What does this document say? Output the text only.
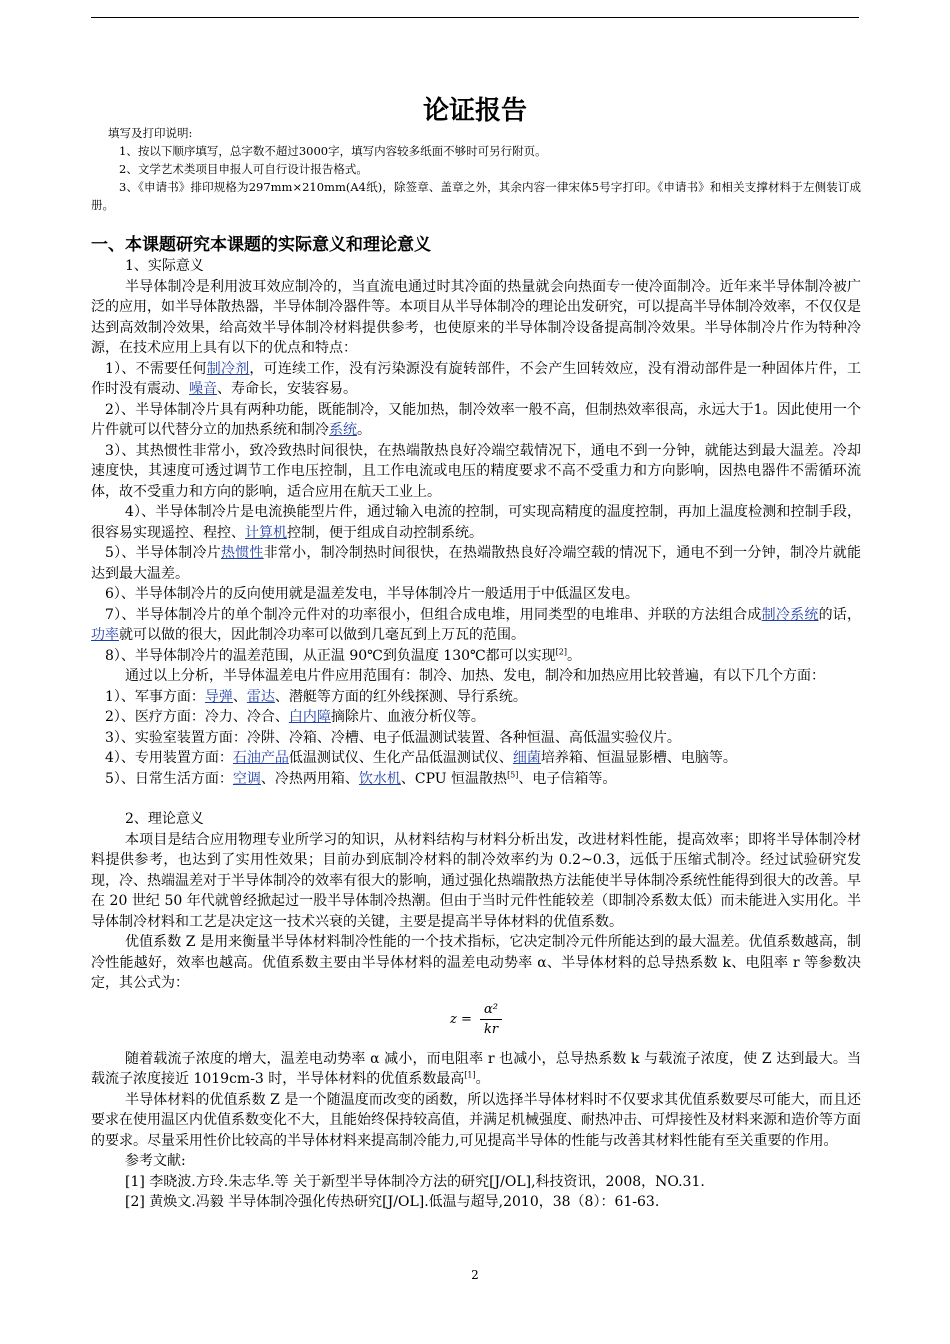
论证报告

填写及打印说明:

1、按以下顺序填写，总字数不超过3000字，填写内容较多纸面不够时可另行附页。

2、文学艺术类项目申报人可自行设计报告格式。

3、《申请书》排印规格为297mm×210mm(A4纸)，除签章、盖章之外，其余内容一律宋体5号字打印。《申请书》和相关支撑材料于左侧装订成册。

一、本课题研究本课题的实际意义和理论意义

1、实际意义

半导体制冷是利用波耳效应制冷的，当直流电通过时其冷面的热量就会向热面专一使冷面制冷。近年来半导体制冷被广泛的应用，如半导体散热器，半导体制冷器件等。本项目从半导体制冷的理论出发研究，可以提高半导体制冷效率，不仅仅是达到高效制冷效果，给高效半导体制冷材料提供参考，也使原来的半导体制冷设备提高制冷效果。半导体制冷片作为特种冷源，在技术应用上具有以下的优点和特点：

1）、不需要任何制冷剂，可连续工作，没有污染源没有旋转部件，不会产生回转效应，没有滑动部件是一种固体片件，工作时没有震动、噪音、寿命长，安装容易。

2）、半导体制冷片具有两种功能，既能制冷，又能加热，制冷效率一般不高，但制热效率很高，永远大于1。因此使用一个片件就可以代替分立的加热系统和制冷系统。

3）、其热惯性非常小，致冷致热时间很快，在热端散热良好冷端空载情况下，通电不到一分钟，就能达到最大温差。冷却速度快，其速度可透过调节工作电压控制，且工作电流或电压的精度要求不高不受重力和方向影响，因热电器件不需循环流体，故不受重力和方向的影响，适合应用在航天工业上。

4）、半导体制冷片是电流换能型片件，通过输入电流的控制，可实现高精度的温度控制，再加上温度检测和控制手段，很容易实现遥控、程控、计算机控制，便于组成自动控制系统。

5）、半导体制冷片热惯性非常小，制冷制热时间很快，在热端散热良好冷端空载的情况下，通电不到一分钟，制冷片就能达到最大温差。

6）、半导体制冷片的反向使用就是温差发电，半导体制冷片一般适用于中低温区发电。

7）、半导体制冷片的单个制冷元件对的功率很小，但组合成电堆，用同类型的电堆串、并联的方法组合成制冷系统的话，功率就可以做的很大，因此制冷功率可以做到几毫瓦到上万瓦的范围。

8）、半导体制冷片的温差范围，从正温 90℃到负温度 130℃都可以实现[2]。

通过以上分析，半导体温差电片件应用范围有：制冷、加热、发电，制冷和加热应用比较普遍，有以下几个方面：

1）、军事方面：导弹、雷达、潜艇等方面的红外线探测、导行系统。

2）、医疗方面：冷力、冷合、白内障摘除片、血液分析仪等。

3）、实验室装置方面：冷阱、冷箱、冷槽、电子低温测试装置、各种恒温、高低温实验仪片。

4）、专用装置方面：石油产品低温测试仪、生化产品低温测试仪、细菌培养箱、恒温显影槽、电脑等。

5）、日常生活方面：空调、冷热两用箱、饮水机、CPU 恒温散热[5]、电子信箱等。

2、理论意义

本项目是结合应用物理专业所学习的知识，从材料结构与材料分析出发，改进材料性能，提高效率；即将半导体制冷材料提供参考，也达到了实用性效果；目前办到底制冷材料的制冷效率约为 0.2~0.3，远低于压缩式制冷。经过试验研究发现，冷、热端温差对于半导体制冷的效率有很大的影响，通过强化热端散热方法能使半导体制冷系统性能得到很大的改善。早在 20 世纪 50 年代就曾经掀起过一股半导体制冷热潮。但由于当时元件性能较差（即制冷系数太低）而未能进入实用化。半导体制冷材料和工艺是决定这一技术兴衰的关键，主要是提高半导体材料的优值系数。

优值系数 Z 是用来衡量半导体材料制冷性能的一个技术指标，它决定制冷元件所能达到的最大温差。优值系数越高，制冷性能越好，效率也越高。优值系数主要由半导体材料的温差电动势率 α、半导体材料的总导热系数 k、电阻率 r 等参数决定，其公式为：

$z = \frac{\text{α²}}{kr}$

随着载流子浓度的增大，温差电动势率 α 减小，而电阻率 r 也减小，总导热系数 k 与载流子浓度，使 Z 达到最大。当载流子浓度接近 1019cm-3 时，半导体材料的优值系数最高[1]。

半导体材料的优值系数 Z 是一个随温度而改变的函数，所以选择半导体材料时不仅要求其优值系数要尽可能大，而且还要求在使用温区内优值系数变化不大，且能始终保持较高值，并满足机械强度、耐热冲击、可焊接性及材料来源和造价等方面的要求。尽量采用性价比较高的半导体材料来提高制冷能力,可见提高半导体的性能与改善其材料性能有至关重要的作用。

参考文献:

[1] 李晓波.方玲.朱志华.等 关于新型半导体制冷方法的研究[J/OL],科技资讯，2008，NO.31.

[2] 黄焕文.冯毅 半导体制冷强化传热研究[J/OL].低温与超导,2010，38（8）：61-63.

2
